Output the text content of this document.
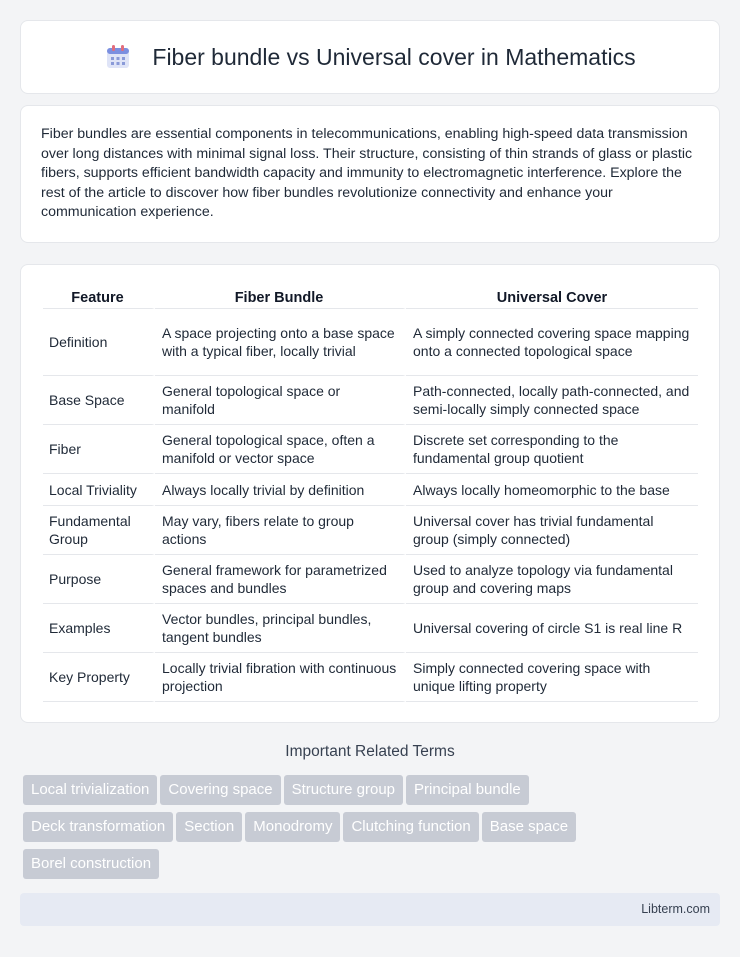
Fiber bundle vs Universal cover in Mathematics

Fiber bundles are essential components in telecommunications, enabling high-speed data transmission over long distances with minimal signal loss. Their structure, consisting of thin strands of glass or plastic fibers, supports efficient bandwidth capacity and immunity to electromagnetic interference. Explore the rest of the article to discover how fiber bundles revolutionize connectivity and enhance your communication experience.

Feature	Fiber Bundle	Universal Cover
Definition	A space projecting onto a base space with a typical fiber, locally trivial	A simply connected covering space mapping onto a connected topological space
Base Space	General topological space or manifold	Path-connected, locally path-connected, and semi-locally simply connected space
Fiber	General topological space, often a manifold or vector space	Discrete set corresponding to the fundamental group quotient
Local Triviality	Always locally trivial by definition	Always locally homeomorphic to the base
Fundamental Group	May vary, fibers relate to group actions	Universal cover has trivial fundamental group (simply connected)
Purpose	General framework for parametrized spaces and bundles	Used to analyze topology via fundamental group and covering maps
Examples	Vector bundles, principal bundles, tangent bundles	Universal covering of circle S1 is real line R
Key Property	Locally trivial fibration with continuous projection	Simply connected covering space with unique lifting property
Important Related Terms
Local trivialization Covering space Structure group Principal bundle
Deck transformation Section Monodromy Clutching function Base space
Borel construction
Libterm.com
